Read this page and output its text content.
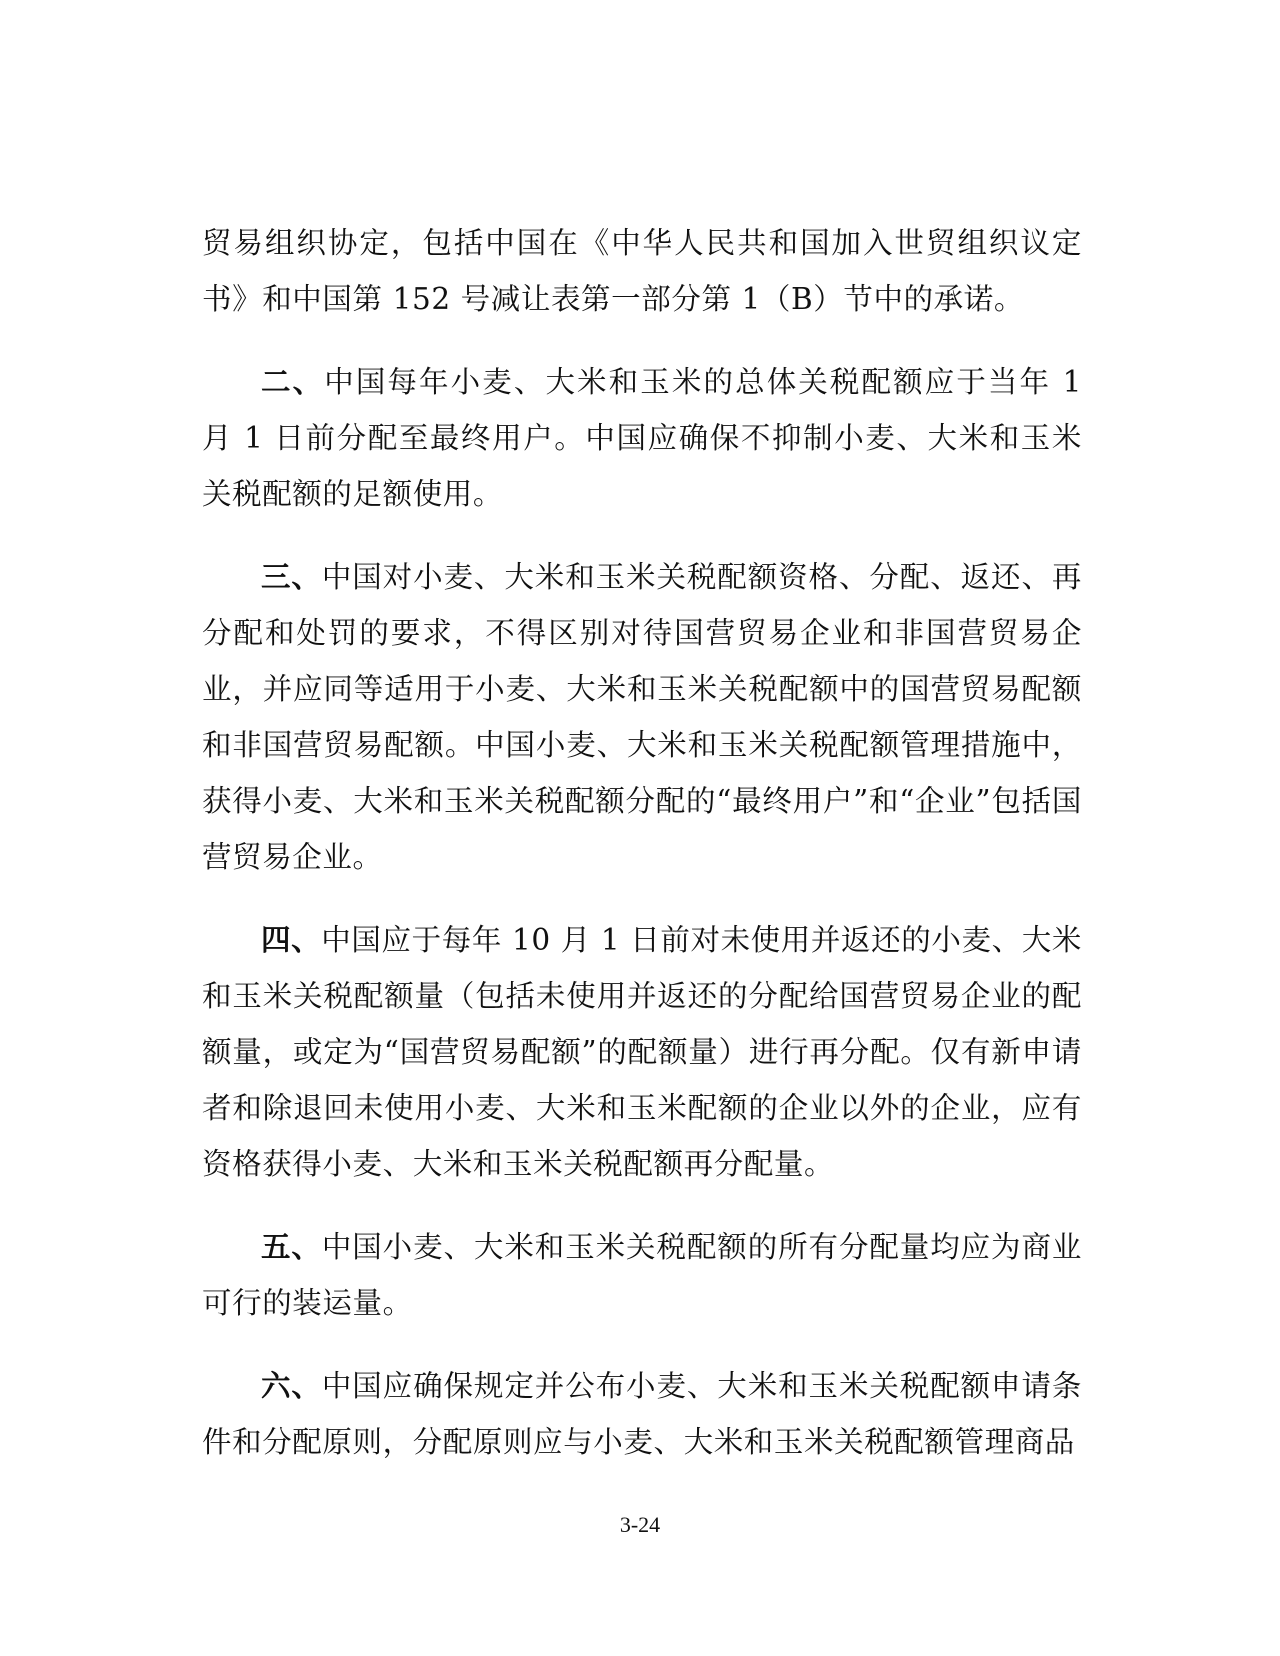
贸易组织协定，包括中国在《中华人民共和国加入世贸组织议定书》和中国第 152 号减让表第一部分第 1（B）节中的承诺。

二、中国每年小麦、大米和玉米的总体关税配额应于当年 1 月 1 日前分配至最终用户。中国应确保不抑制小麦、大米和玉米关税配额的足额使用。

三、中国对小麦、大米和玉米关税配额资格、分配、返还、再分配和处罚的要求，不得区别对待国营贸易企业和非国营贸易企业，并应同等适用于小麦、大米和玉米关税配额中的国营贸易配额和非国营贸易配额。中国小麦、大米和玉米关税配额管理措施中，获得小麦、大米和玉米关税配额分配的“最终用户”和“企业”包括国营贸易企业。

四、中国应于每年 10 月 1 日前对未使用并返还的小麦、大米和玉米关税配额量（包括未使用并返还的分配给国营贸易企业的配额量，或定为“国营贸易配额”的配额量）进行再分配。仅有新申请者和除退回未使用小麦、大米和玉米配额的企业以外的企业，应有资格获得小麦、大米和玉米关税配额再分配量。

五、中国小麦、大米和玉米关税配额的所有分配量均应为商业可行的装运量。

六、中国应确保规定并公布小麦、大米和玉米关税配额申请条件和分配原则，分配原则应与小麦、大米和玉米关税配额管理商品

3-24
